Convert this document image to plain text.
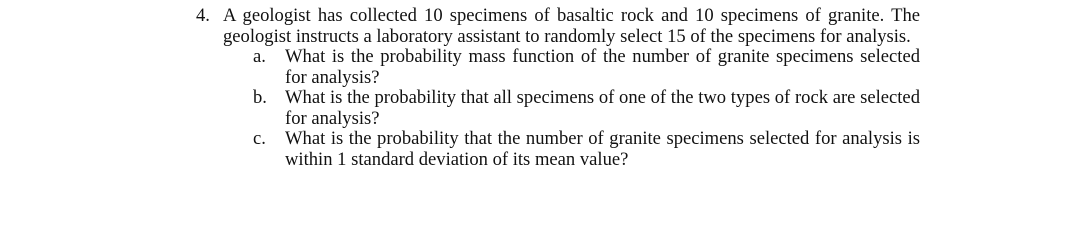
4. A geologist has collected 10 specimens of basaltic rock and 10 specimens of granite. The geologist instructs a laboratory assistant to randomly select 15 of the specimens for analysis.
a.	What is the probability mass function of the number of granite specimens selected for analysis?
b. What is the probability that all specimens of one of the two types of rock are selected for analysis?
c.	What is the probability that the number of granite specimens selected for analysis is within 1 standard deviation of its mean value?
